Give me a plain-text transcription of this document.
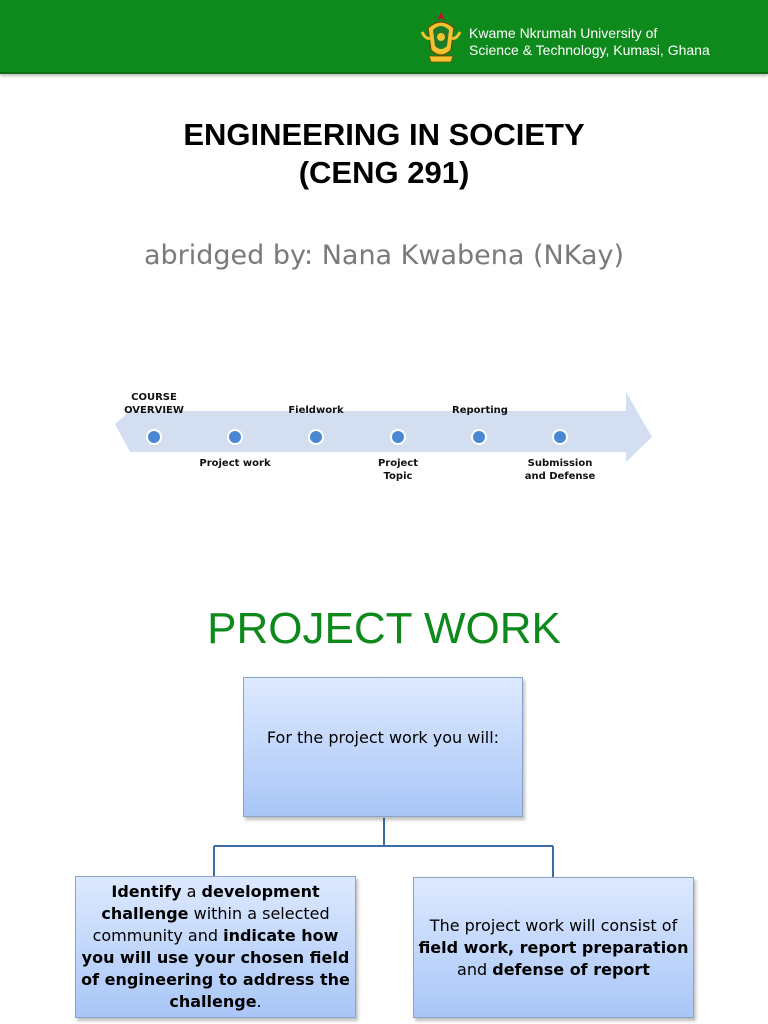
Kwame Nkrumah University of
Science & Technology, Kumasi, Ghana
ENGINEERING IN SOCIETY
(CENG 291)
abridged by: Nana Kwabena (NKay)
COURSE
OVERVIEW	Fieldwork	Reporting
Project work	Project
Topic
Submission
and Defense
PROJECT WORK
For the project work you will:
Identify a development challenge within a selected community and indicate how you will use your chosen field of engineering to address the challenge.
The project work will consist of field work, report preparation and defense of report
